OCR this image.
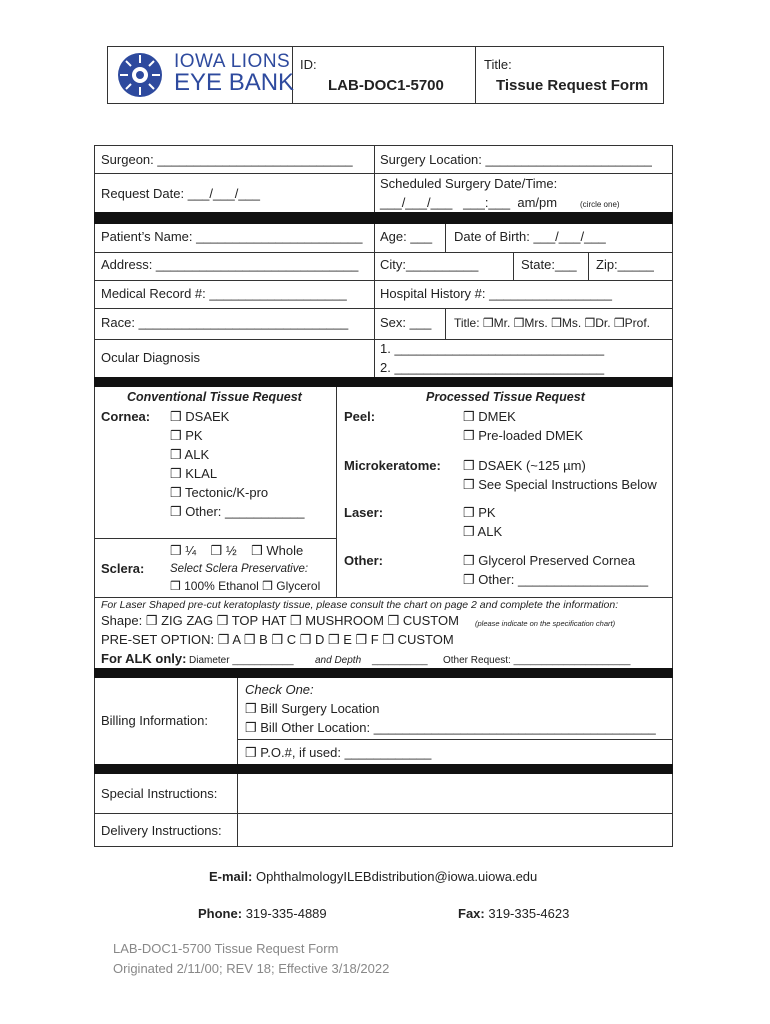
IOWA LIONS
EYE BANK
ID:
LAB-DOC1-5700
Title:
Tissue Request Form
Surgeon: ___________________________ Surgery Location: _______________________
Request Date: ___/___/___
Scheduled Surgery Date/Time:
___/___/___   ___:___  am/pm	(circle one)
Patient’s Name: _______________________ Age: ___ Date of Birth: ___/___/___
Address: ____________________________ City:__________	State:___ Zip:_____
Medical Record #: ___________________	Hospital History #: _________________
Race: _____________________________ Sex: ___ Title: ❒Mr. ❒Mrs. ❒Ms. ❒Dr. ❒Prof.
Ocular Diagnosis
1. _____________________________
2. _____________________________
Conventional Tissue Request
Cornea: ❒ DSAEK
❒ PK
❒ ALK
❒ KLAL
❒ Tectonic/K-pro
❒ Other: ___________
Sclera:
❒ ¼    ❒ ½    ❒ Whole
Select Sclera Preservative:
❒ 100% Ethanol ❒ Glycerol
Processed Tissue Request
Peel:	❒ DMEK
❒ Pre-loaded DMEK
Microkeratome: ❒ DSAEK (~125 µm)
❒ See Special Instructions Below
Laser:	❒ PK
❒ ALK
Other:	❒ Glycerol Preserved Cornea
❒ Other: __________________
For Laser Shaped pre-cut keratoplasty tissue, please consult the chart on page 2 and complete the information:
Shape: ❒ ZIG ZAG ❒ TOP HAT ❒ MUSHROOM ❒ CUSTOM (please indicate on the specification chart)
PRE-SET OPTION: ❒ A ❒ B ❒ C ❒ D ❒ E ❒ F ❒ CUSTOM
For ALK only: Diameter ___________ and Depth __________ Other Request: _____________________
Billing Information:
Check One:
❒ Bill Surgery Location
❒ Bill Other Location: _______________________________________
❒ P.O.#, if used: ____________
Special Instructions:
Delivery Instructions:
E-mail: OphthalmologyILEBdistribution@iowa.uiowa.edu
Phone: 319-335-4889	Fax: 319-335-4623
LAB-DOC1-5700 Tissue Request Form
Originated 2/11/00; REV 18; Effective 3/18/2022
